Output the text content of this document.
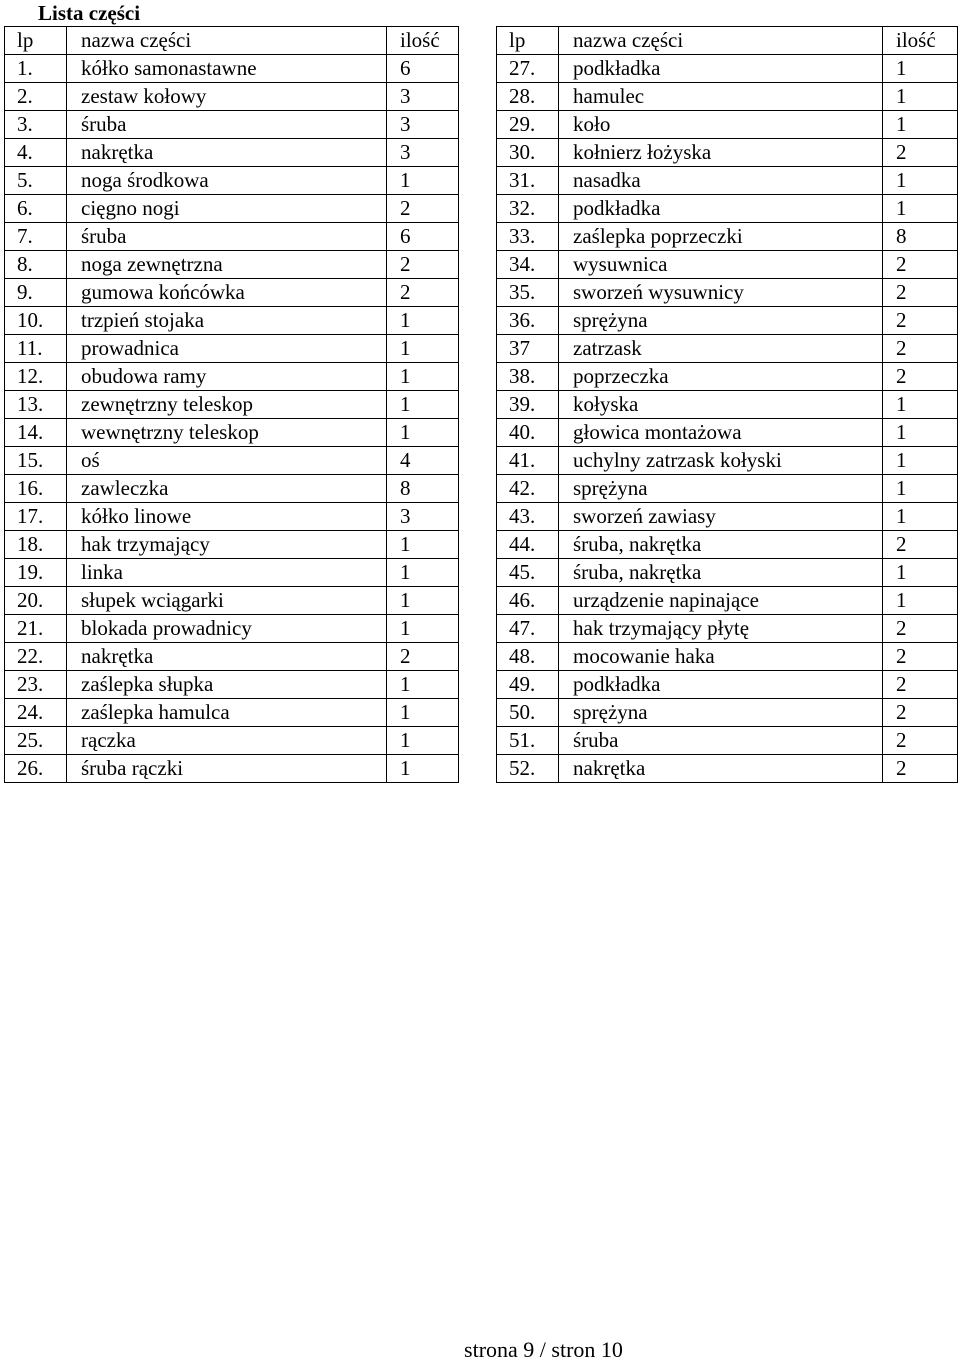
Lista części
lp	nazwa części	ilość		lp	nazwa części	ilość
1.	kółko samonastawne	6		27.	podkładka	1
2.	zestaw kołowy	3		28.	hamulec	1
3.	śruba	3		29.	koło	1
4.	nakrętka	3		30.	kołnierz łożyska	2
5.	noga środkowa	1		31.	nasadka	1
6.	cięgno nogi	2		32.	podkładka	1
7.	śruba	6		33.	zaślepka poprzeczki	8
8.	noga zewnętrzna	2		34.	wysuwnica	2
9.	gumowa końcówka	2		35.	sworzeń wysuwnicy	2
10.	trzpień stojaka	1		36.	sprężyna	2
11.	prowadnica	1		37	zatrzask	2
12.	obudowa ramy	1		38.	poprzeczka	2
13.	zewnętrzny teleskop	1		39.	kołyska	1
14.	wewnętrzny teleskop	1		40.	głowica montażowa	1
15.	oś	4		41.	uchylny zatrzask kołyski	1
16.	zawleczka	8		42.	sprężyna	1
17.	kółko linowe	3		43.	sworzeń zawiasy	1
18.	hak trzymający	1		44.	śruba, nakrętka	2
19.	linka	1		45.	śruba, nakrętka	1
20.	słupek wciągarki	1		46.	urządzenie napinające	1
21.	blokada prowadnicy	1		47.	hak trzymający płytę	2
22.	nakrętka	2		48.	mocowanie haka	2
23.	zaślepka słupka	1		49.	podkładka	2
24.	zaślepka hamulca	1		50.	sprężyna	2
25.	rączka	1		51.	śruba	2
26.	śruba rączki	1		52.	nakrętka	2
strona 9 / stron 10
